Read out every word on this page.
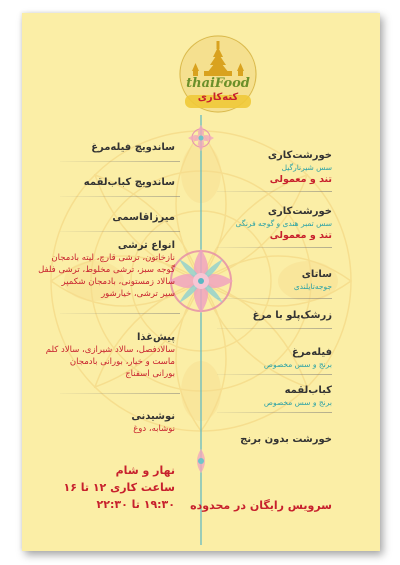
thaiFood
کته‌کاری
خورشت‌کاری
سس شیرنارگیل
تند و معمولی
خورشت‌کاری
سس تمبر هندی و گوجه فرنگی
تند و معمولی
ساتای
جوجه‌تایلندی
زرشک‌پلو با مرغ
فیله‌مرغ
برنج و سس مخصوص
کباب‌لقمه
برنج و سس مخصوص
خورشت بدون برنج
ساندویچ فیله‌مرغ
ساندویچ کباب‌لقمه
میرزاقاسمی
انواع ترشی
نازخاتون، ترشی قارچ، لیته بادمجان
گوجه سبز، ترشی مخلوط، ترشی فلفل
سالاد زمستونی، بادمجان شکمپر
سیر ترشی، خیارشور
پیش‌غذا
سالادفصل، سالاد شیرازی، سالاد کلم
ماست و خیار، بورانی بادمجان
بورانی اسفناج
نوشیدنی
نوشابه، دوغ
نهار و شام
ساعت کاری ۱۲ تا ۱۶
۱۹:۳۰ تا ۲۲:۳۰ سرویس رایگان در محدوده
